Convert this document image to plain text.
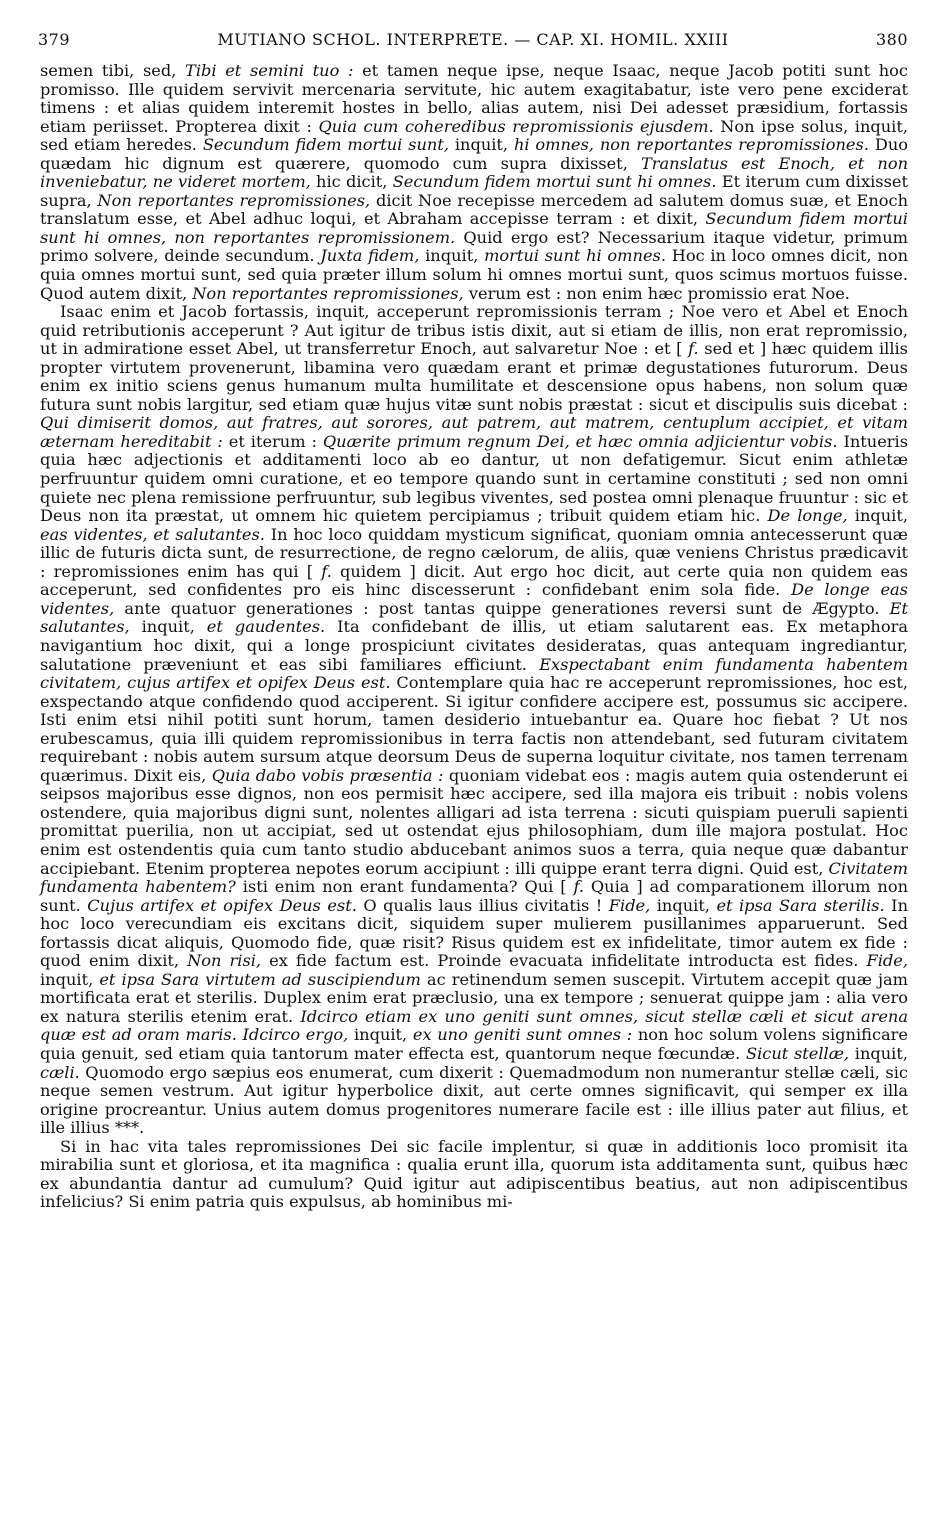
379	MUTIANO SCHOL. INTERPRETE. — CAP. XI. HOMIL. XXIII	380

semen tibi, sed, Tibi et semini tuo : et tamen neque ipse, neque Isaac, neque Jacob potiti sunt hoc promisso. Ille quidem servivit mercenaria servitute, hic autem exagitabatur, iste vero pene exciderat timens : et alias quidem interemit hostes in bello, alias autem, nisi Dei adesset præsidium, fortassis etiam periisset. Propterea dixit : Quia cum coheredibus repromissionis ejusdem. Non ipse solus, inquit, sed etiam heredes. Secundum fidem mortui sunt, inquit, hi omnes, non reportantes repromissiones. Duo quædam hic dignum est quærere, quomodo cum supra dixisset, Translatus est Enoch, et non inveniebatur, ne videret mortem, hic dicit, Secundum fidem mortui sunt hi omnes. Et iterum cum dixisset supra, Non reportantes repromissiones, dicit Noe recepisse mercedem ad salutem domus suæ, et Enoch translatum esse, et Abel adhuc loqui, et Abraham accepisse terram : et dixit, Secundum fidem mortui sunt hi omnes, non reportantes repromissionem. Quid ergo est? Necessarium itaque videtur, primum primo solvere, deinde secundum. Juxta fidem, inquit, mortui sunt hi omnes. Hoc in loco omnes dicit, non quia omnes mortui sunt, sed quia præter illum solum hi omnes mortui sunt, quos scimus mortuos fuisse. Quod autem dixit, Non reportantes repromissiones, verum est : non enim hæc promissio erat Noe.

Isaac enim et Jacob fortassis, inquit, acceperunt repromissionis terram ; Noe vero et Abel et Enoch quid retributionis acceperunt ? Aut igitur de tribus istis dixit, aut si etiam de illis, non erat repromissio, ut in admiratione esset Abel, ut transferretur Enoch, aut salvaretur Noe : et [ f. sed et ] hæc quidem illis propter virtutem provenerunt, libamina vero quædam erant et primæ degustationes futurorum. Deus enim ex initio sciens genus humanum multa humilitate et descensione opus habens, non solum quæ futura sunt nobis largitur, sed etiam quæ hujus vitæ sunt nobis præstat : sicut et discipulis suis dicebat : Qui dimiserit domos, aut fratres, aut sorores, aut patrem, aut matrem, centuplum accipiet, et vitam æternam hereditabit : et iterum : Quærite primum regnum Dei, et hæc omnia adjicientur vobis. Intueris quia hæc adjectionis et additamenti loco ab eo dantur, ut non defatigemur. Sicut enim athletæ perfruuntur quidem omni curatione, et eo tempore quando sunt in certamine constituti ; sed non omni quiete nec plena remissione perfruuntur, sub legibus viventes, sed postea omni plenaque fruuntur : sic et Deus non ita præstat, ut omnem hic quietem percipiamus ; tribuit quidem etiam hic. De longe, inquit, eas videntes, et salutantes. In hoc loco quiddam mysticum significat, quoniam omnia antecesserunt quæ illic de futuris dicta sunt, de resurrectione, de regno cælorum, de aliis, quæ veniens Christus prædicavit : repromissiones enim has qui [ f. quidem ] dicit. Aut ergo hoc dicit, aut certe quia non quidem eas acceperunt, sed confidentes pro eis hinc discesserunt : confidebant enim sola fide. De longe eas videntes, ante quatuor generationes : post tantas quippe generationes reversi sunt de Ægypto. Et salutantes, inquit, et gaudentes. Ita confidebant de illis, ut etiam salutarent eas. Ex metaphora navigantium hoc dixit, qui a longe prospiciunt civitates desideratas, quas antequam ingrediantur, salutatione præveniunt et eas sibi familiares efficiunt. Exspectabant enim fundamenta habentem civitatem, cujus artifex et opifex Deus est. Contemplare quia hac re acceperunt repromissiones, hoc est, exspectando atque confidendo quod acciperent. Si igitur confidere accipere est, possumus sic accipere. Isti enim etsi nihil potiti sunt horum, tamen desiderio intuebantur ea. Quare hoc fiebat ? Ut nos erubescamus, quia illi quidem repromissionibus in terra factis non attendebant, sed futuram civitatem requirebant : nobis autem sursum atque deorsum Deus de superna loquitur civitate, nos tamen terrenam quærimus. Dixit eis, Quia dabo vobis præsentia : quoniam videbat eos : magis autem quia ostenderunt ei seipsos majoribus esse dignos, non eos permisit hæc accipere, sed illa majora eis tribuit : nobis volens ostendere, quia majoribus digni sunt, nolentes alligari ad ista terrena : sicuti quispiam pueruli sapienti promittat puerilia, non ut accipiat, sed ut ostendat ejus philosophiam, dum ille majora postulat. Hoc enim est ostendentis quia cum tanto studio abducebant animos suos a terra, quia neque quæ dabantur accipiebant. Etenim propterea nepotes eorum accipiunt : illi quippe erant terra digni. Quid est, Civitatem fundamenta habentem? isti enim non erant fundamenta? Qui [ f. Quia ] ad comparationem illorum non sunt. Cujus artifex et opifex Deus est. O qualis laus illius civitatis ! Fide, inquit, et ipsa Sara sterilis. In hoc loco verecundiam eis excitans dicit, siquidem super mulierem pusillanimes apparuerunt. Sed fortassis dicat aliquis, Quomodo fide, quæ risit? Risus quidem est ex infidelitate, timor autem ex fide : quod enim dixit, Non risi, ex fide factum est. Proinde evacuata infidelitate introducta est fides. Fide, inquit, et ipsa Sara virtutem ad suscipiendum ac retinendum semen suscepit. Virtutem accepit quæ jam mortificata erat et sterilis. Duplex enim erat præclusio, una ex tempore ; senuerat quippe jam : alia vero ex natura sterilis etenim erat. Idcirco etiam ex uno geniti sunt omnes, sicut stellæ cæli et sicut arena quæ est ad oram maris. Idcirco ergo, inquit, ex uno geniti sunt omnes : non hoc solum volens significare quia genuit, sed etiam quia tantorum mater effecta est, quantorum neque fœcundæ. Sicut stellæ, inquit, cæli. Quomodo ergo sæpius eos enumerat, cum dixerit : Quemadmodum non numerantur stellæ cæli, sic neque semen vestrum. Aut igitur hyperbolice dixit, aut certe omnes significavit, qui semper ex illa origine procreantur. Unius autem domus progenitores numerare facile est : ille illius pater aut filius, et ille illius ***.

Si in hac vita tales repromissiones Dei sic facile implentur, si quæ in additionis loco promisit ita mirabilia sunt et gloriosa, et ita magnifica : qualia erunt illa, quorum ista additamenta sunt, quibus hæc ex abundantia dantur ad cumulum? Quid igitur aut adipiscentibus beatius, aut non adipiscentibus infelicius? Si enim patria quis expulsus, ab hominibus mi-
